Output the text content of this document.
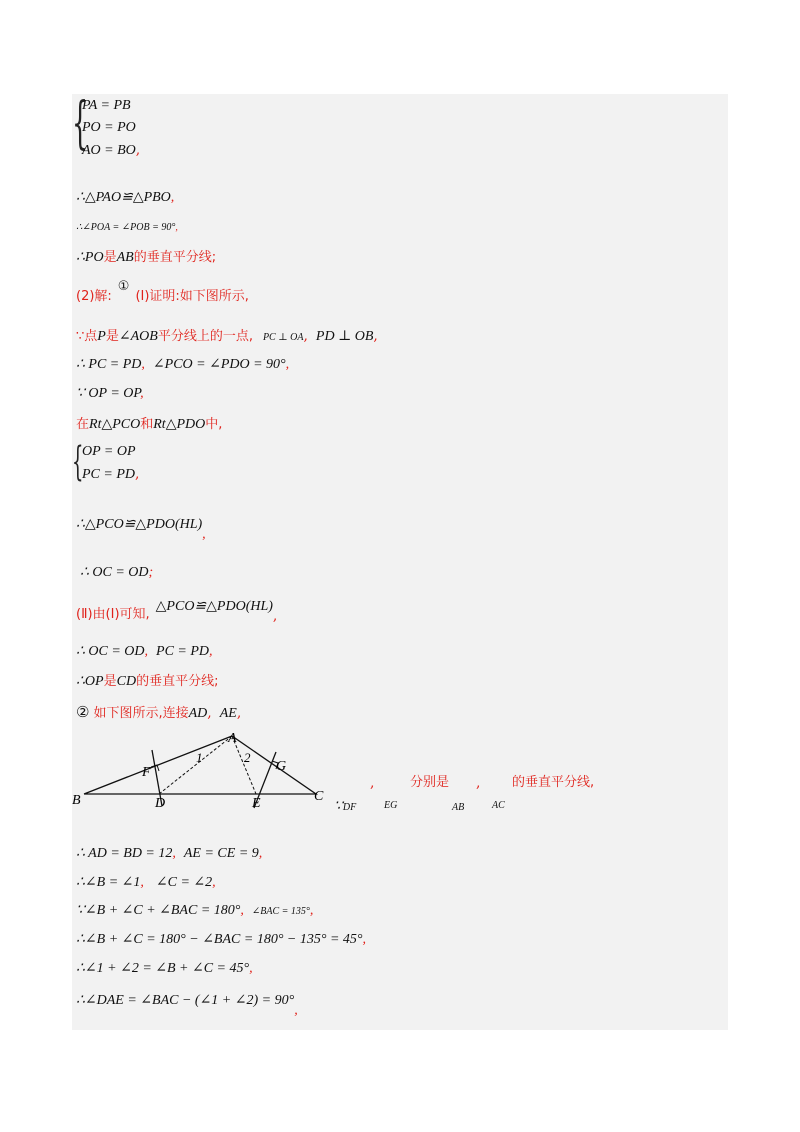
{
PA = PB
PO = PO
AO = BO,
∴△PAO≌△PBO,
∴∠POA = ∠POB = 90°,
∴PO是AB的垂直平分线;
(2)解:①(Ⅰ)证明:如下图所示,
∵点P是∠AOB平分线上的一点, PC ⊥ OA, PD ⊥ OB,
∴ PC = PD, ∠PCO = ∠PDO = 90°,
∵ OP = OP,
在Rt△PCO和Rt△PDO中,
{
OP = OP
PC = PD,
∴△PCO≌△PDO(HL),
∴ OC = OD;
(Ⅱ)由(Ⅰ)可知,△PCO≌△PDO(HL),
∴ OC = OD, PC = PD,
∴OP是CD的垂直平分线;
② 如下图所示,连接AD, AE,
A
B	C
D	E
F	G
1	2
,	分别是 , 的垂直平分线,
∵DF	EG	AB	AC
∴ AD = BD = 12, AE = CE = 9,
∴∠B = ∠1, ∠C = ∠2,
∵∠B + ∠C + ∠BAC = 180°, ∠BAC = 135°,
∴∠B + ∠C = 180° − ∠BAC = 180° − 135° = 45°,
∴∠1 + ∠2 = ∠B + ∠C = 45°,
∴∠DAE = ∠BAC − (∠1 + ∠2) = 90°,
